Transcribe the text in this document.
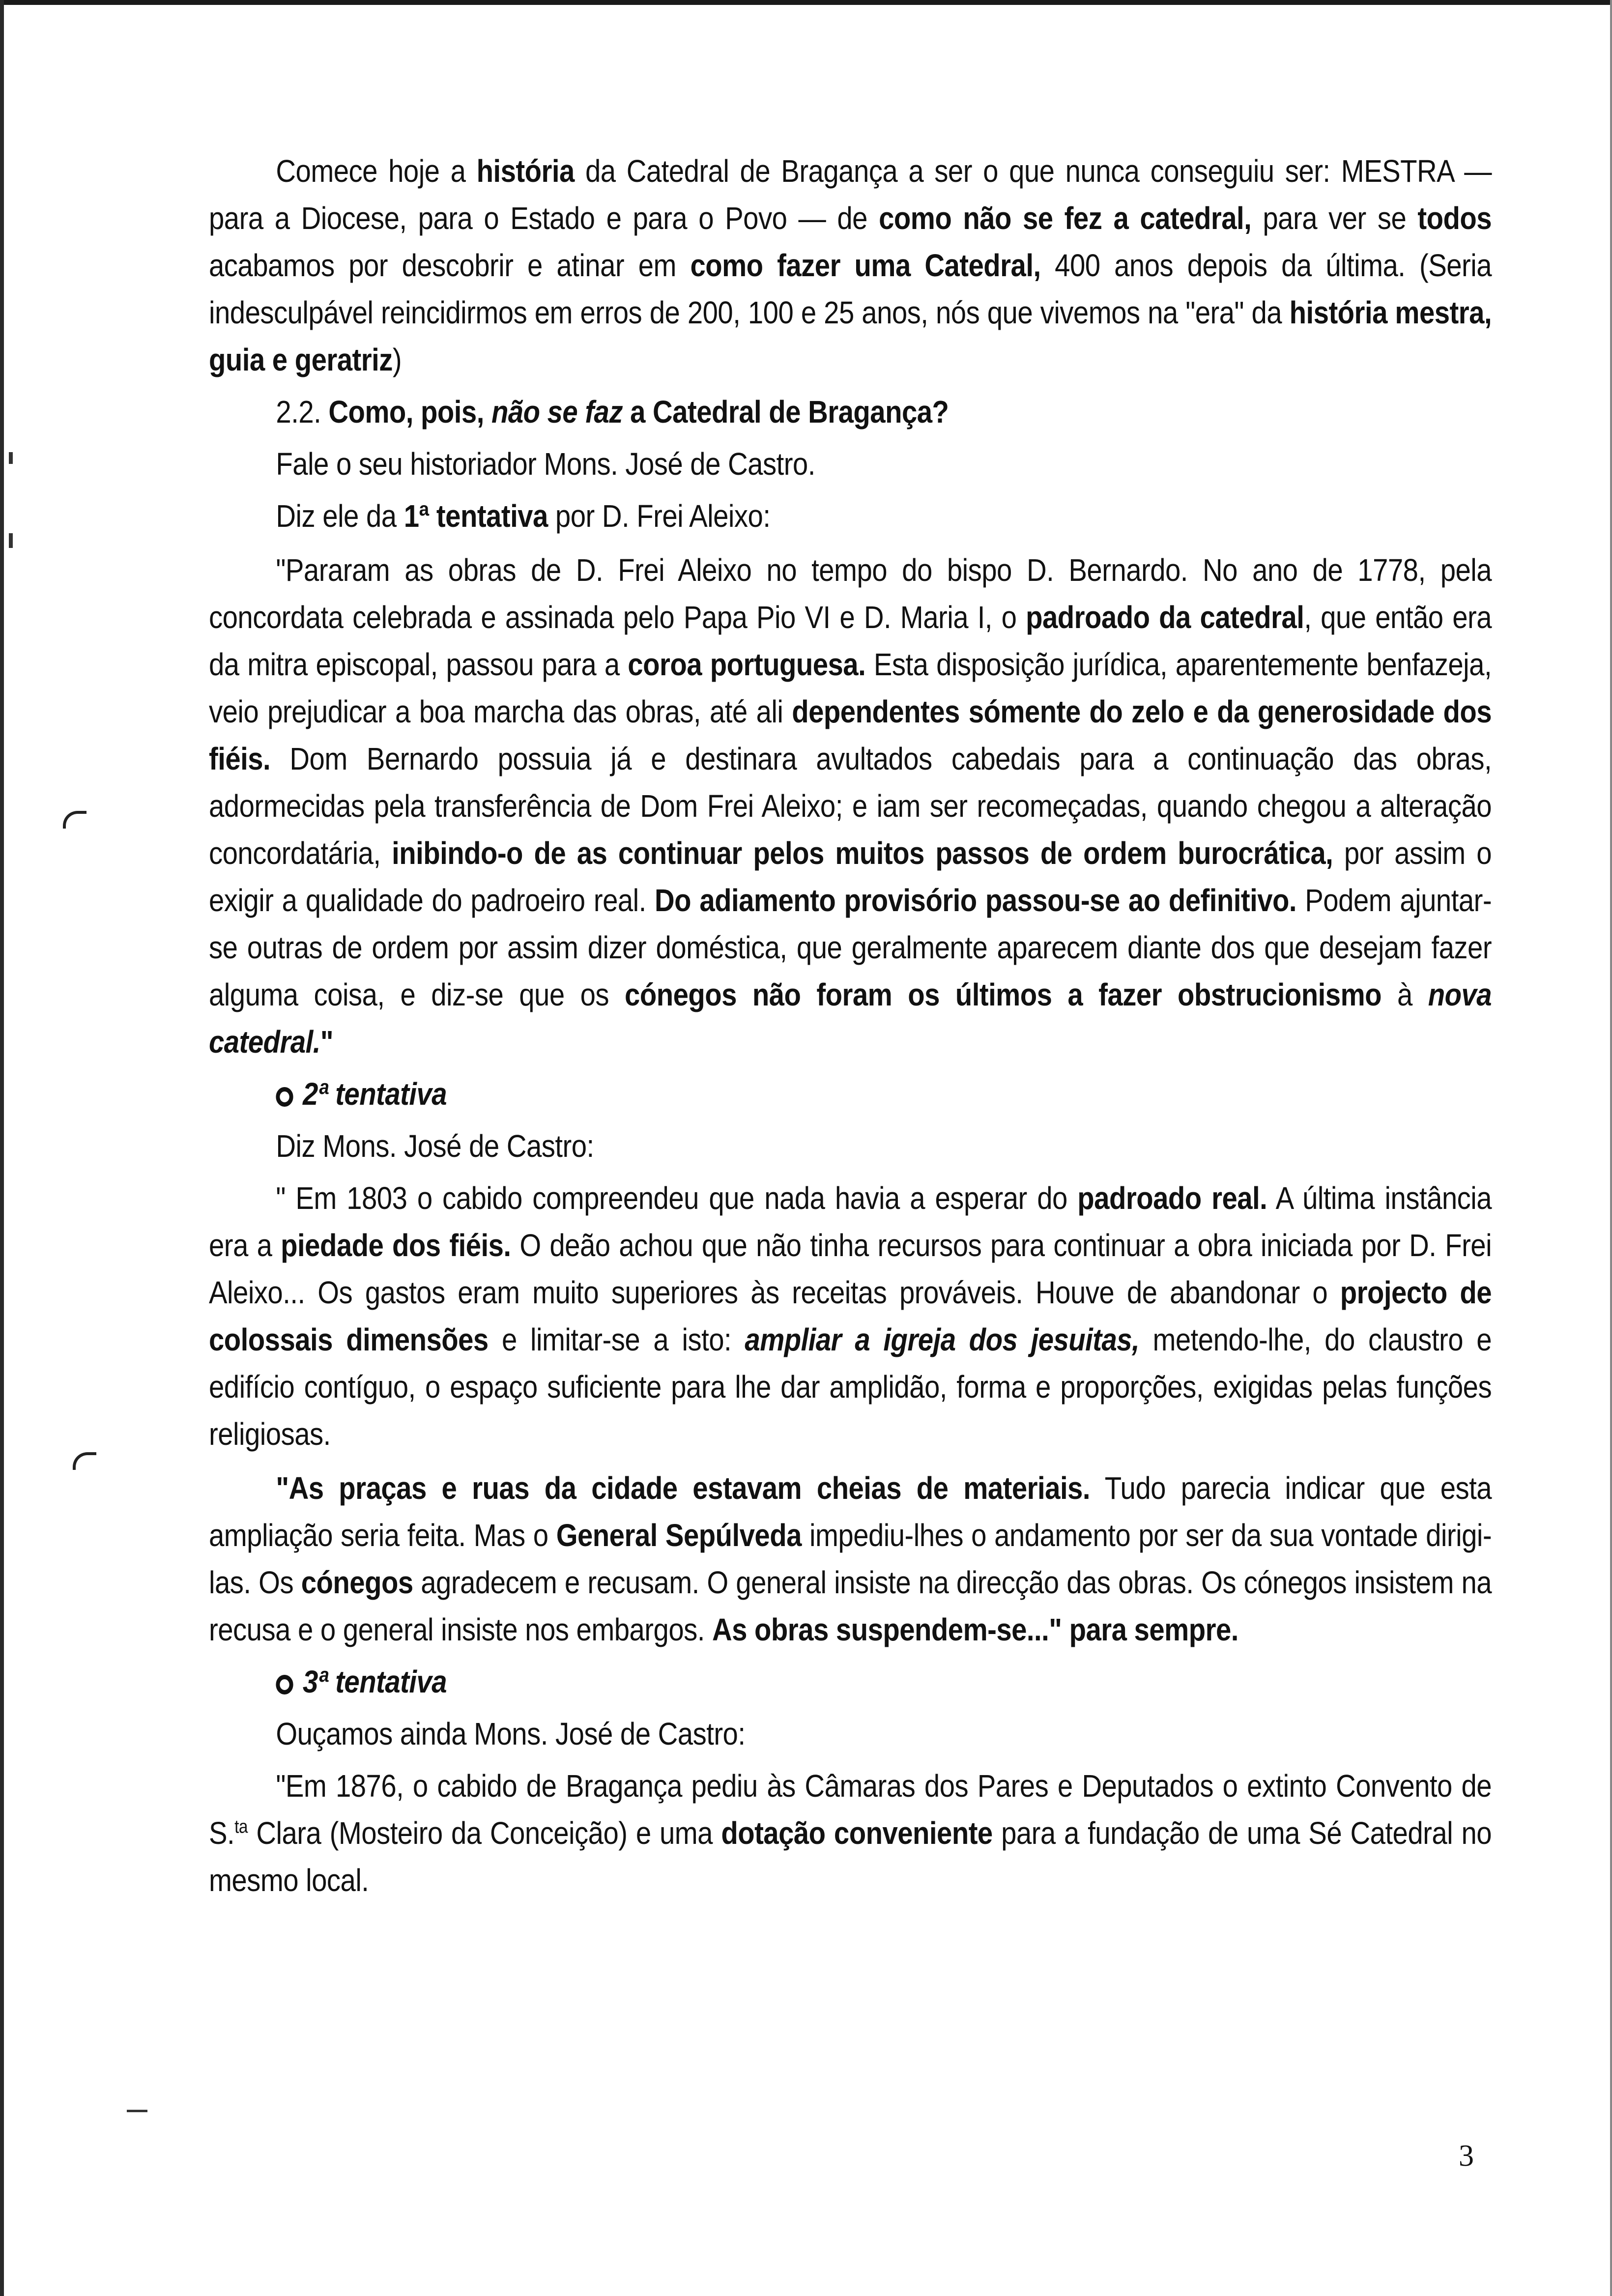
Comece hoje a história da Catedral de Bragança a ser o que nunca conseguiu ser: MESTRA — para a Diocese, para o Estado e para o Povo — de como não se fez a catedral, para ver se todos acabamos por descobrir e atinar em como fazer uma Catedral, 400 anos depois da última. (Seria indesculpável reincidirmos em erros de 200, 100 e 25 anos, nós que vivemos na "era" da história mestra, guia e geratriz)

2.2. Como, pois, não se faz a Catedral de Bragança?

Fale o seu historiador Mons. José de Castro.

Diz ele da 1ª tentativa por D. Frei Aleixo:

"Pararam as obras de D. Frei Aleixo no tempo do bispo D. Bernardo. No ano de 1778, pela concordata celebrada e assinada pelo Papa Pio VI e D. Maria I, o padroado da catedral, que então era da mitra episcopal, passou para a coroa portuguesa. Esta disposição jurídica, aparentemente benfazeja, veio prejudicar a boa marcha das obras, até ali dependentes sómente do zelo e da generosidade dos fiéis. Dom Bernardo possuia já e destinara avultados cabedais para a continuação das obras, adormecidas pela transferência de Dom Frei Aleixo; e iam ser recomeçadas, quando chegou a alteração concordatária, inibindo-o de as continuar pelos muitos passos de ordem burocrática, por assim o exigir a qualidade do padroeiro real. Do adiamento provisório passou-se ao definitivo. Podem ajuntar-se outras de ordem por assim dizer doméstica, que geralmente aparecem diante dos que desejam fazer alguma coisa, e diz-se que os cónegos não foram os últimos a fazer obstrucionismo à nova catedral."

2ª tentativa

Diz Mons. José de Castro:

" Em 1803 o cabido compreendeu que nada havia a esperar do padroado real. A última instância era a piedade dos fiéis. O deão achou que não tinha recursos para continuar a obra iniciada por D. Frei Aleixo... Os gastos eram muito superiores às receitas prováveis. Houve de abandonar o projecto de colossais dimensões e limitar-se a isto: ampliar a igreja dos jesuitas, metendo-lhe, do claustro e edifício contíguo, o espaço suficiente para lhe dar amplidão, forma e proporções, exigidas pelas funções religiosas.

"As praças e ruas da cidade estavam cheias de materiais. Tudo parecia indicar que esta ampliação seria feita. Mas o General Sepúlveda impediu-lhes o andamento por ser da sua vontade dirigi-las. Os cónegos agradecem e recusam. O general insiste na direcção das obras. Os cónegos insistem na recusa e o general insiste nos embargos. As obras suspendem-se..." para sempre.

3ª tentativa

Ouçamos ainda Mons. José de Castro:

"Em 1876, o cabido de Bragança pediu às Câmaras dos Pares e Deputados o extinto Convento de S.$^{ta}$ Clara (Mosteiro da Conceição) e uma dotação conveniente para a fundação de uma Sé Catedral no mesmo local.

3
